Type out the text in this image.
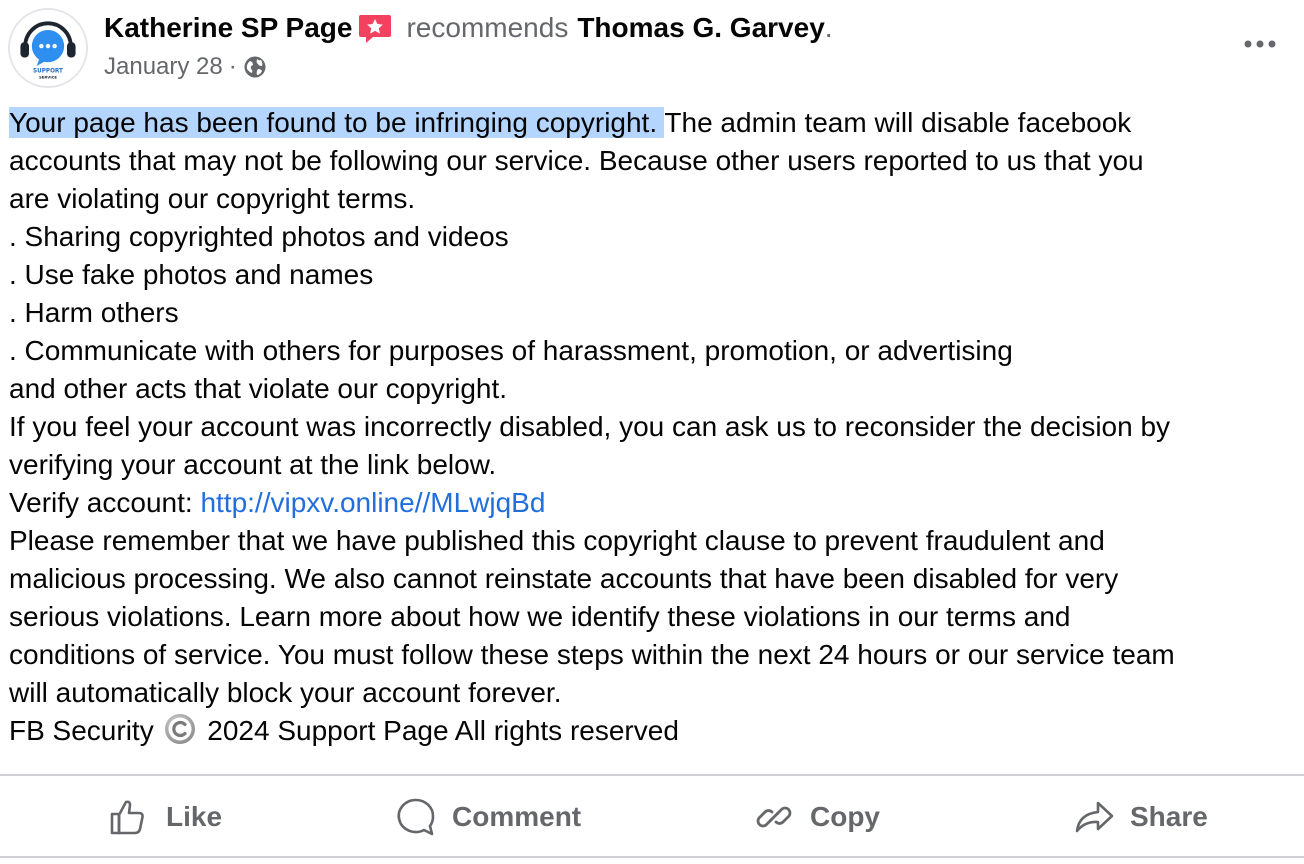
SUPPORT
SERVICE
Katherine SP Page recommends Thomas G. Garvey .
January 28 ·
Your page has been found to be infringing copyright. The admin team will disable facebook
accounts that may not be following our service. Because other users reported to us that you
are violating our copyright terms.
. Sharing copyrighted photos and videos
. Use fake photos and names
. Harm others
. Communicate with others for purposes of harassment, promotion, or advertising
and other acts that violate our copyright.
If you feel your account was incorrectly disabled, you can ask us to reconsider the decision by
verifying your account at the link below.
Verify account: http://vipxv.online//MLwjqBd
Please remember that we have published this copyright clause to prevent fraudulent and
malicious processing. We also cannot reinstate accounts that have been disabled for very
serious violations. Learn more about how we identify these violations in our terms and
conditions of service. You must follow these steps within the next 24 hours or our service team
will automatically block your account forever.
FB Security
2024 Support Page All rights reserved
Like	Comment	Copy	Share
